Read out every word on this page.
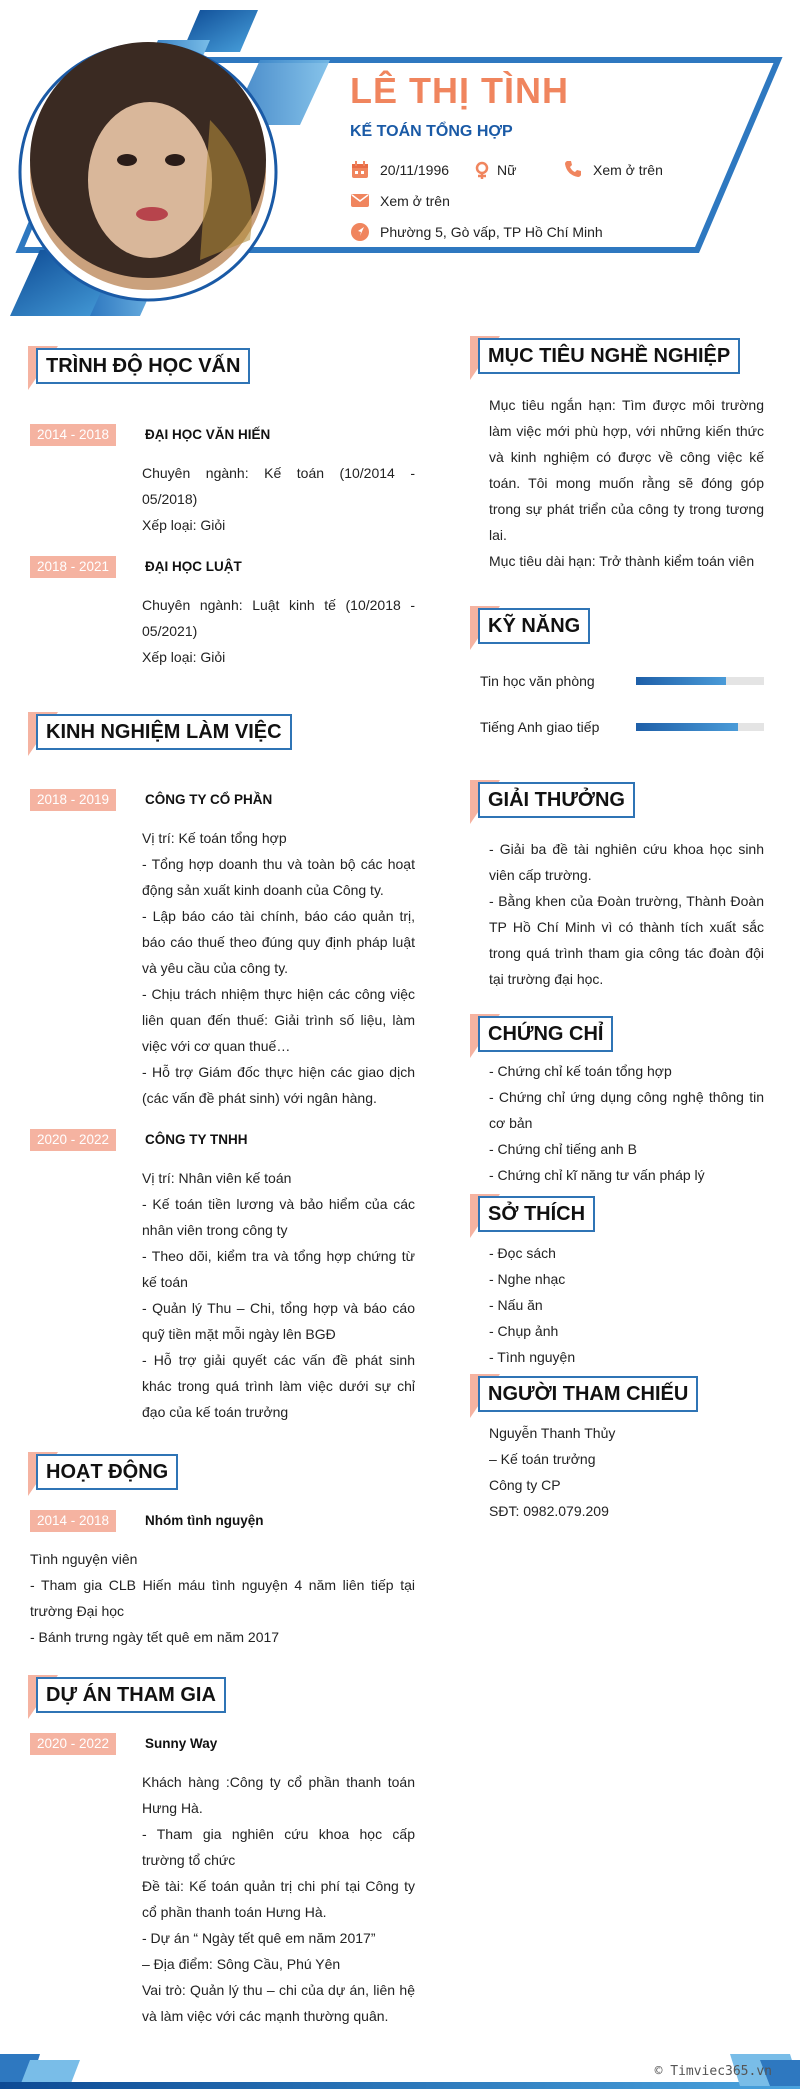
LÊ THỊ TÌNH
KẾ TOÁN TỔNG HỢP
20/11/1996	Nữ	Xem ở trên
Xem ở trên
Phường 5, Gò vấp, TP Hồ Chí Minh
TRÌNH ĐỘ HỌC VẤN
2014 - 2018	ĐẠI HỌC VĂN HIẾN
Chuyên ngành: Kế toán (10/2014 - 05/2018)
Xếp loại: Giỏi
2018 - 2021	ĐẠI HỌC LUẬT
Chuyên ngành: Luật kinh tế (10/2018 - 05/2021)
Xếp loại: Giỏi
KINH NGHIỆM LÀM VIỆC
2018 - 2019	CÔNG TY CỔ PHẦN
Vị trí: Kế toán tổng hợp
- Tổng hợp doanh thu và toàn bộ các hoạt động sản xuất kinh doanh của Công ty.
- Lập báo cáo tài chính, báo cáo quản trị, báo cáo thuế theo đúng quy định pháp luật và yêu cầu của công ty.
- Chịu trách nhiệm thực hiện các công việc liên quan đến thuế: Giải trình số liệu, làm việc với cơ quan thuế…
- Hỗ trợ Giám đốc thực hiện các giao dịch (các vấn đề phát sinh) với ngân hàng.
2020 - 2022	CÔNG TY TNHH
Vị trí: Nhân viên kế toán
- Kế toán tiền lương và bảo hiểm của các nhân viên trong công ty
- Theo dõi, kiểm tra và tổng hợp chứng từ kế toán
- Quản lý Thu – Chi, tổng hợp và báo cáo quỹ tiền mặt mỗi ngày lên BGĐ
- Hỗ trợ giải quyết các vấn đề phát sinh khác trong quá trình làm việc dưới sự chỉ đạo của kế toán trưởng
HOẠT ĐỘNG
2014 - 2018	Nhóm tình nguyện
Tình nguyện viên
- Tham gia CLB Hiến máu tình nguyện 4 năm liên tiếp tại trường Đại học
- Bánh trưng ngày tết quê em năm 2017
DỰ ÁN THAM GIA
2020 - 2022	Sunny Way
Khách hàng :Công ty cổ phần thanh toán Hưng Hà.
- Tham gia nghiên cứu khoa học cấp trường tổ chức
Đề tài: Kế toán quản trị chi phí tại Công ty cổ phần thanh toán Hưng Hà.
- Dự án “ Ngày tết quê em năm 2017”
– Địa điểm: Sông Cầu, Phú Yên
Vai trò: Quản lý thu – chi của dự án, liên hệ và làm việc với các mạnh thường quân.
MỤC TIÊU NGHỀ NGHIỆP
Mục tiêu ngắn hạn: Tìm được môi trường làm việc mới phù hợp, với những kiến thức và kinh nghiệm có được về công việc kế toán. Tôi mong muốn rằng sẽ đóng góp trong sự phát triển của công ty trong tương lai.
Mục tiêu dài hạn: Trở thành kiểm toán viên
KỸ NĂNG
Tin học văn phòng
Tiếng Anh giao tiếp
GIẢI THƯỞNG
- Giải ba đề tài nghiên cứu khoa học sinh viên cấp trường.
- Bằng khen của Đoàn trường, Thành Đoàn TP Hồ Chí Minh vì có thành tích xuất sắc trong quá trình tham gia công tác đoàn đội tại trường đại học.
CHỨNG CHỈ
- Chứng chỉ kế toán tổng hợp
- Chứng chỉ ứng dụng công nghệ thông tin cơ bản
- Chứng chỉ tiếng anh B
- Chứng chỉ kĩ năng tư vấn pháp lý
SỞ THÍCH
- Đọc sách
- Nghe nhạc
- Nấu ăn
- Chụp ảnh
- Tình nguyện
NGƯỜI THAM CHIẾU
Nguyễn Thanh Thủy
– Kế toán trưởng
Công ty CP
SĐT: 0982.079.209
© Timviec365.vn
